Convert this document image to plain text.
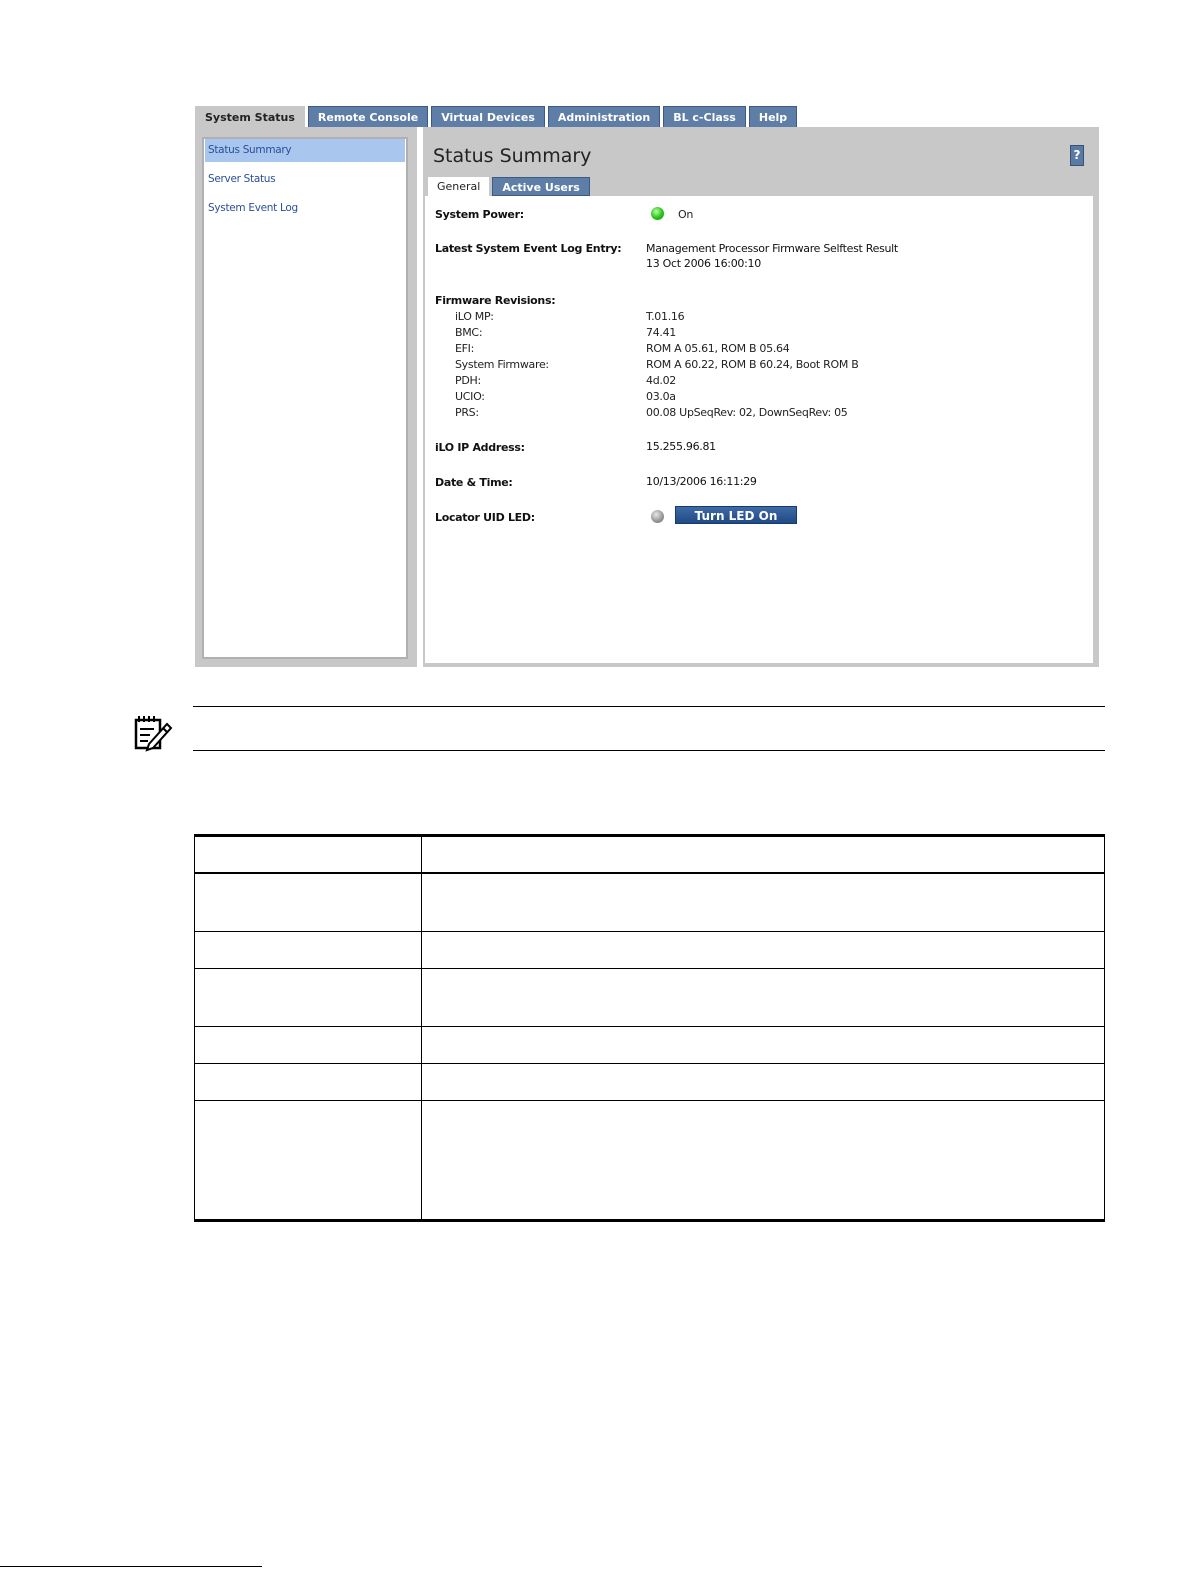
System Status	Remote Console	Virtual Devices	Administration	BL c-Class	Help
Status Summary
Server Status
System Event Log
Status Summary	?
General	Active Users
System Power:	On
Latest System Event Log Entry:	Management Processor Firmware Selftest Result
13 Oct 2006 16:00:10
Firmware Revisions:
iLO MP:	T.01.16
BMC:	74.41
EFI:	ROM A 05.61, ROM B 05.64
System Firmware:	ROM A 60.22, ROM B 60.24, Boot ROM B
PDH:	4d.02
UCIO:	03.0a
PRS:	00.08 UpSeqRev: 02, DownSeqRev: 05
iLO IP Address:	15.255.96.81
Date & Time:	10/13/2006 16:11:29
Locator UID LED:	Turn LED On
